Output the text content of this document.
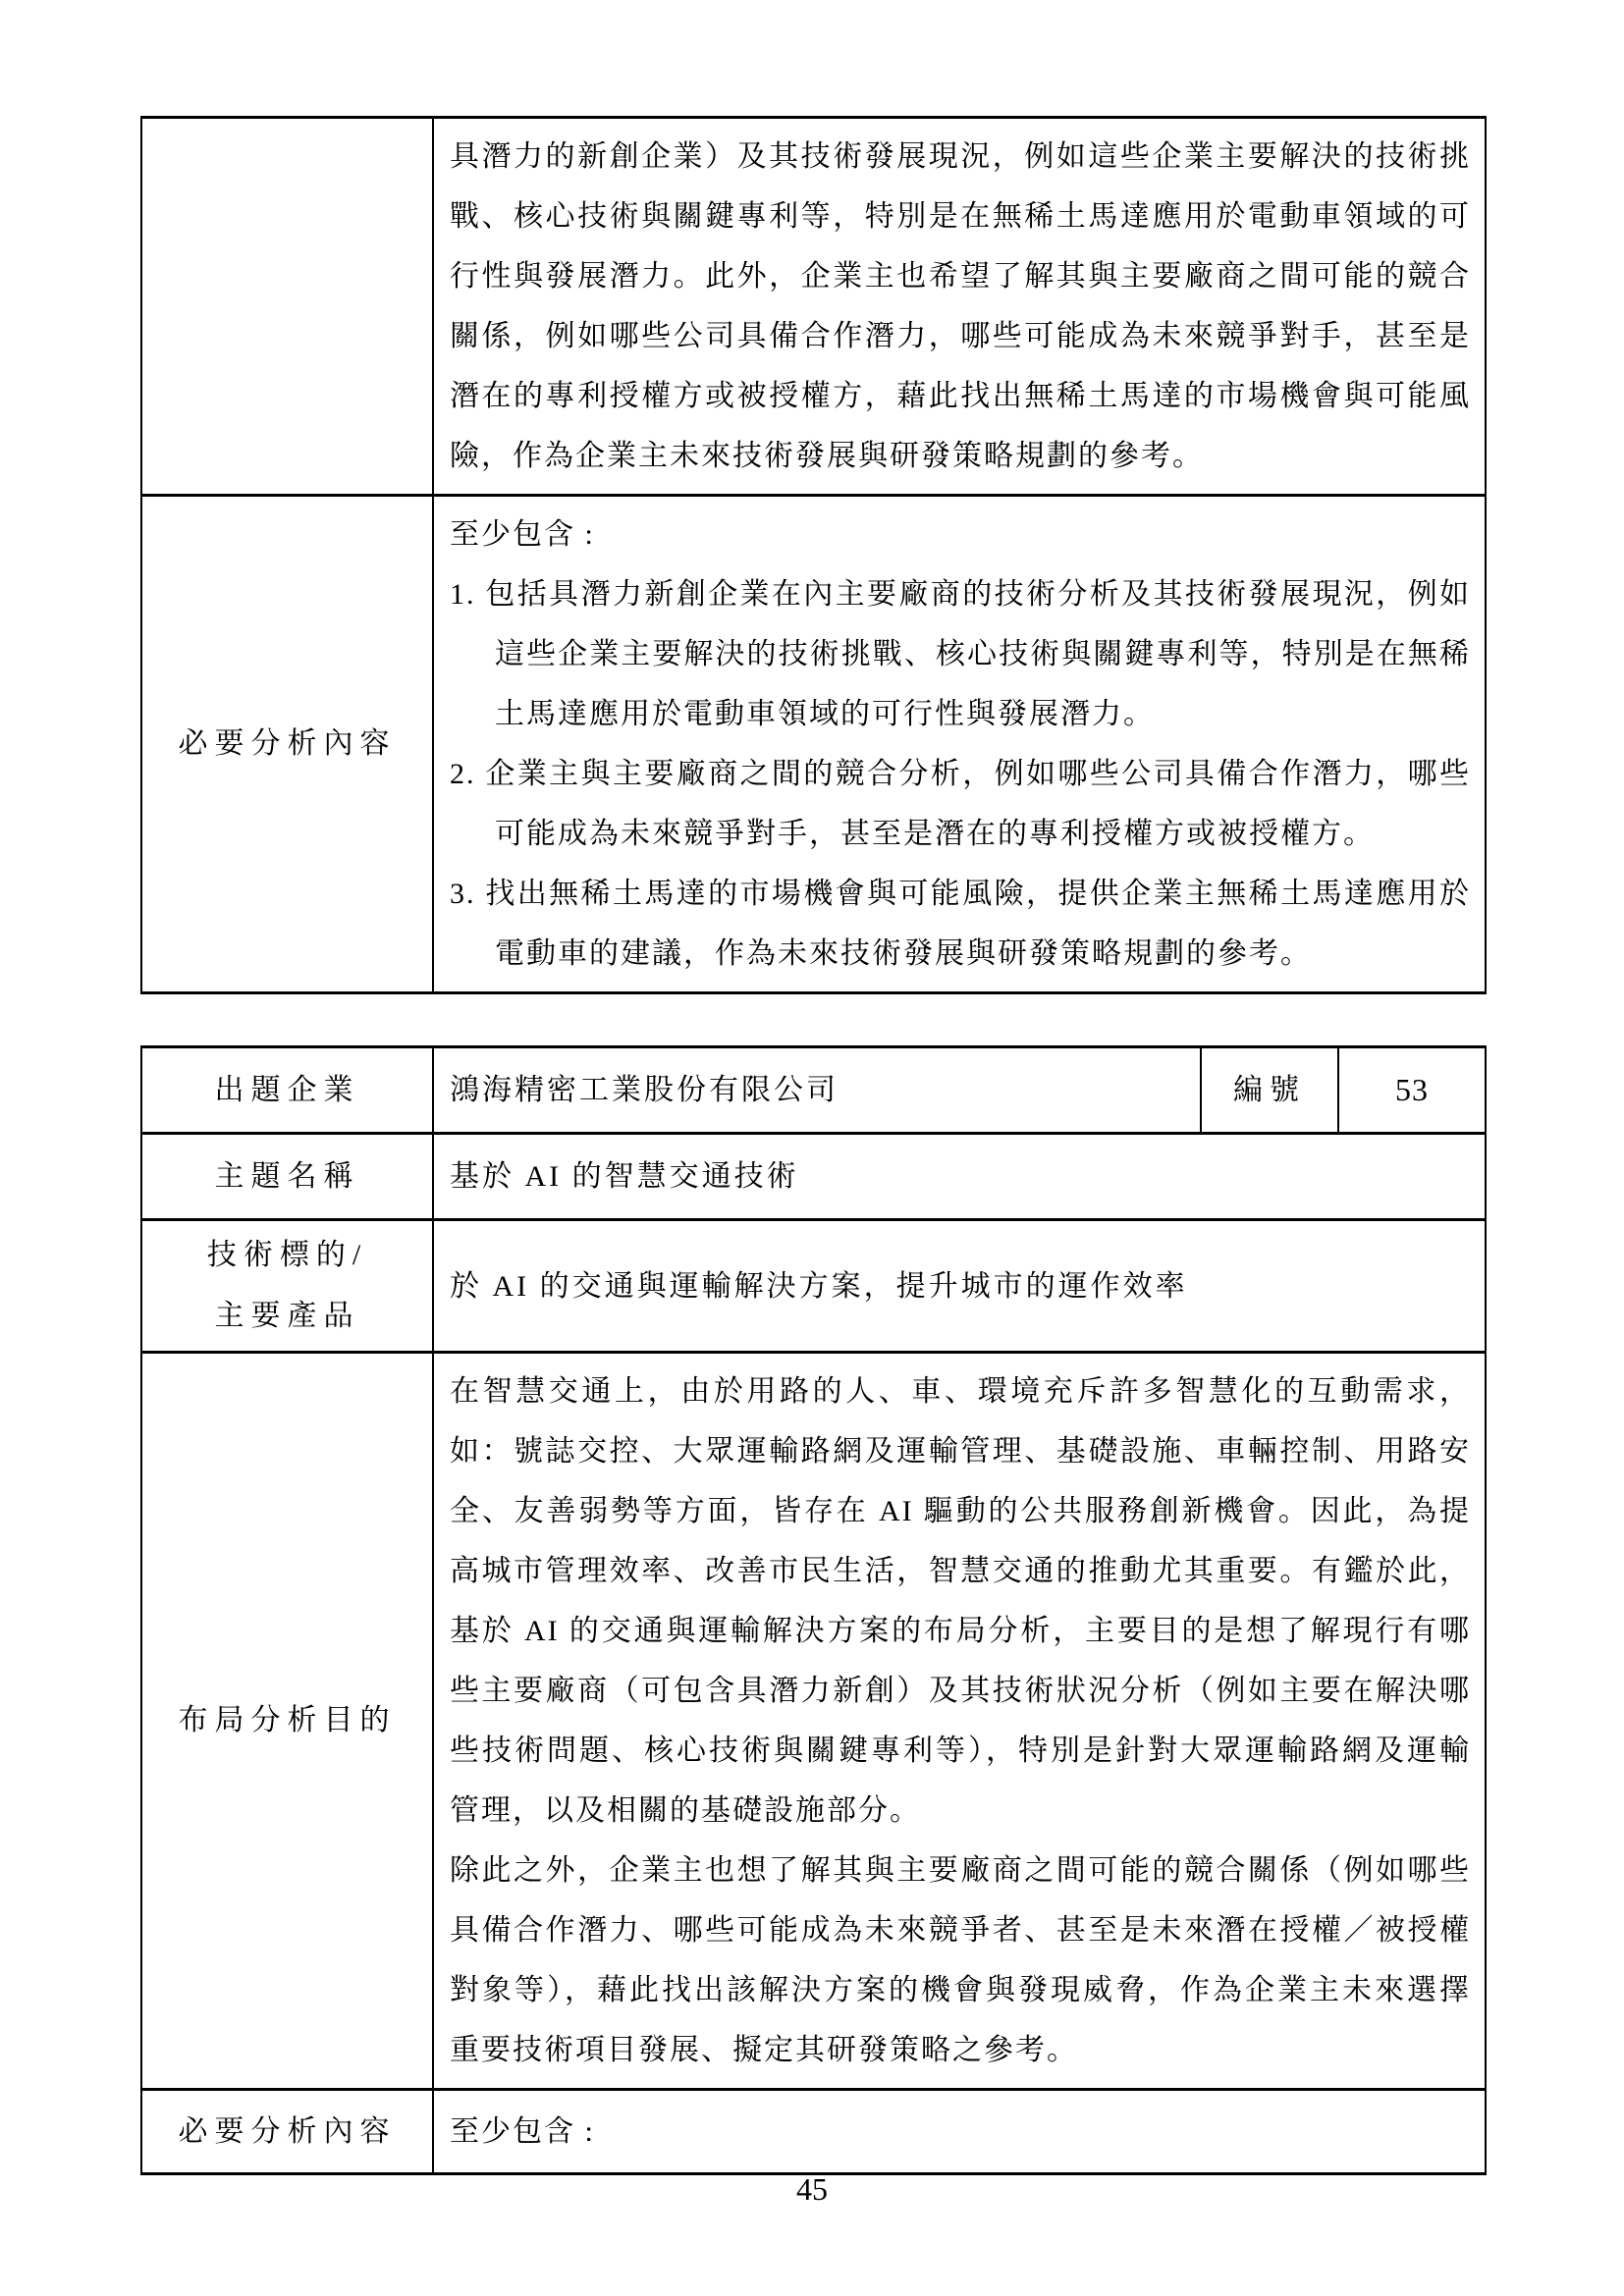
	具潛力的新創企業）及其技術發展現況，例如這些企業主要解決的技術挑戰、核心技術與關鍵專利等，特別是在無稀土馬達應用於電動車領域的可行性與發展潛力。此外，企業主也希望了解其與主要廠商之間可能的競合關係，例如哪些公司具備合作潛力，哪些可能成為未來競爭對手，甚至是潛在的專利授權方或被授權方，藉此找出無稀土馬達的市場機會與可能風險，作為企業主未來技術發展與研發策略規劃的參考。

必要分析內容	至少包含 :
1. 包括具潛力新創企業在內主要廠商的技術分析及其技術發展現況，例如這些企業主要解決的技術挑戰、核心技術與關鍵專利等，特別是在無稀土馬達應用於電動車領域的可行性與發展潛力。
2. 企業主與主要廠商之間的競合分析，例如哪些公司具備合作潛力，哪些可能成為未來競爭對手，甚至是潛在的專利授權方或被授權方。
3. 找出無稀土馬達的市場機會與可能風險，提供企業主無稀土馬達應用於電動車的建議，作為未來技術發展與研發策略規劃的參考。
出題企業	鴻海精密工業股份有限公司	編號	53
主題名稱	基於 AI 的智慧交通技術		

技術標的/
主要產品	於 AI 的交通與運輸解決方案，提升城市的運作效率		

布局分析目的	在智慧交通上，由於用路的人、車、環境充斥許多智慧化的互動需求，如：號誌交控、大眾運輸路網及運輸管理、基礎設施、車輛控制、用路安全、友善弱勢等方面，皆存在 AI 驅動的公共服務創新機會。因此，為提高城市管理效率、改善市民生活，智慧交通的推動尤其重要。有鑑於此，基於 AI 的交通與運輸解決方案的布局分析，主要目的是想了解現行有哪些主要廠商（可包含具潛力新創）及其技術狀況分析（例如主要在解決哪些技術問題、核心技術與關鍵專利等），特別是針對大眾運輸路網及運輸管理，以及相關的基礎設施部分。
除此之外，企業主也想了解其與主要廠商之間可能的競合關係（例如哪些具備合作潛力、哪些可能成為未來競爭者、甚至是未來潛在授權／被授權對象等），藉此找出該解決方案的機會與發現威脅，作為企業主未來選擇重要技術項目發展、擬定其研發策略之參考。		

必要分析內容	至少包含 :		
45
